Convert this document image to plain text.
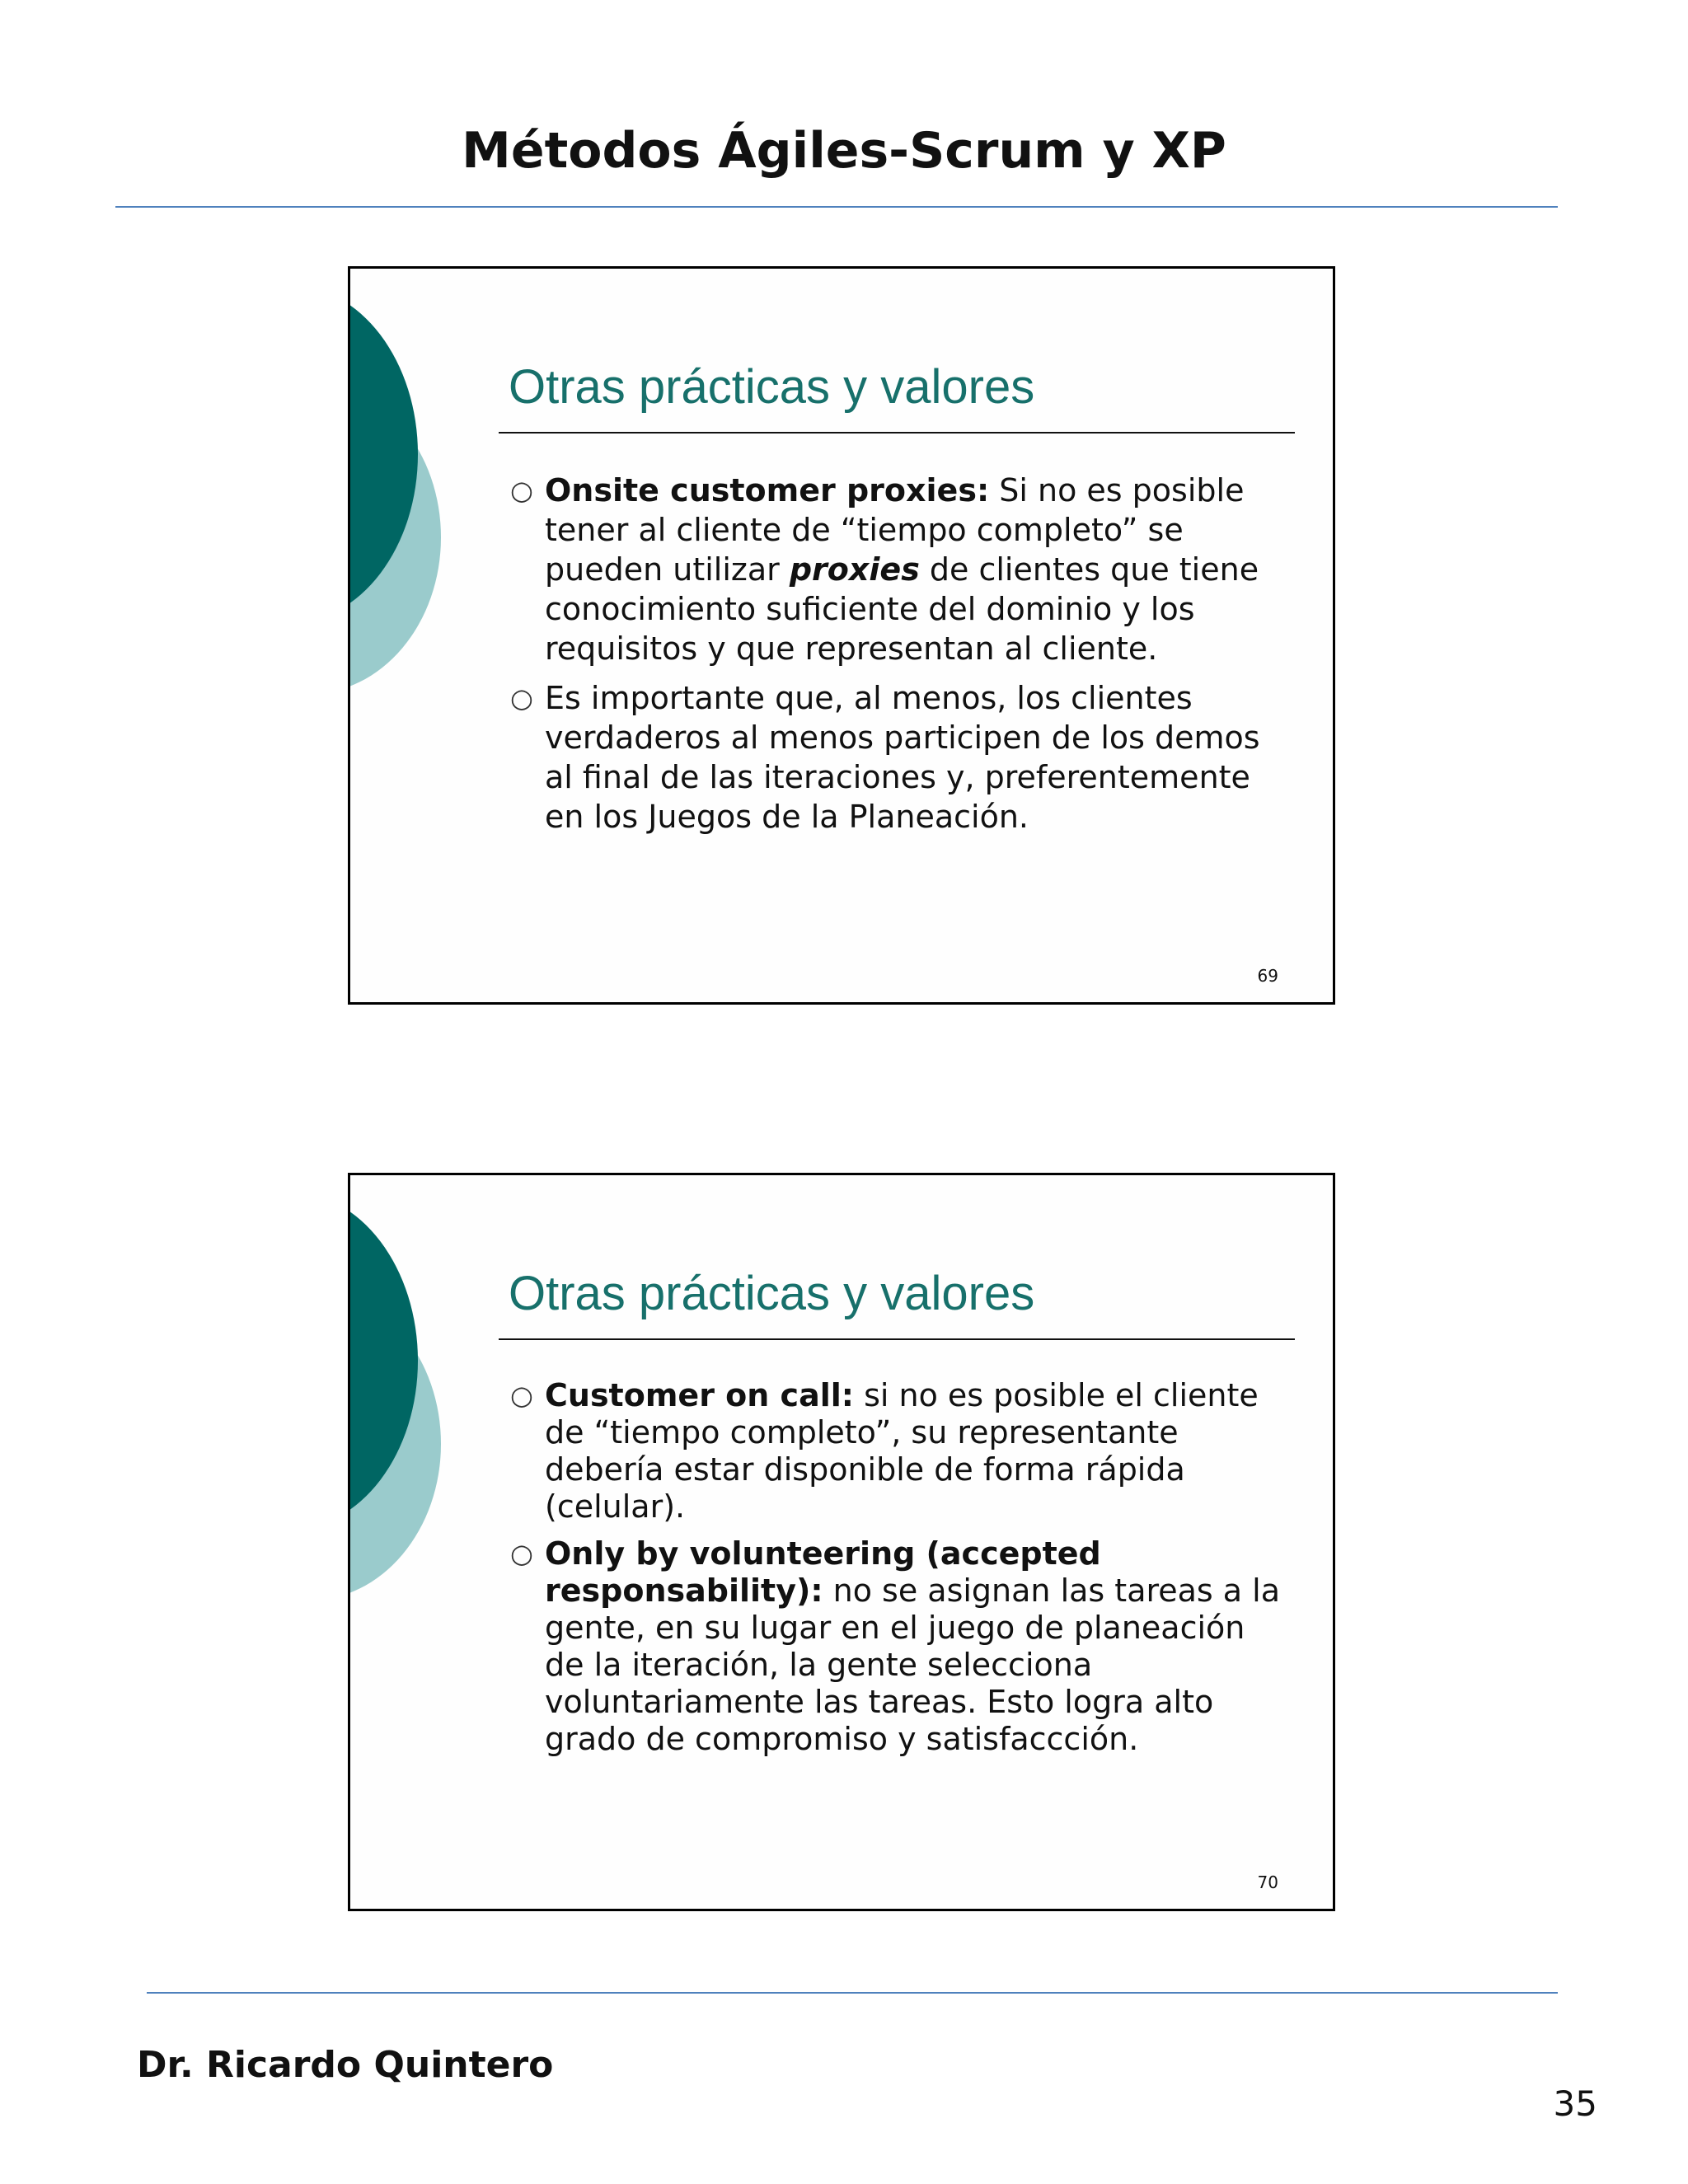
Métodos Ágiles-Scrum y XP
Otras prácticas y valores
○ Onsite customer proxies: Si no es posible tener al cliente de “tiempo completo” se pueden utilizar proxies de clientes que tiene conocimiento suficiente del dominio y los requisitos y que representan al cliente.
○ Es importante que, al menos, los clientes verdaderos al menos participen de los demos al final de las iteraciones y, preferentemente en los Juegos de la Planeación.
69
Otras prácticas y valores
○ Customer on call: si no es posible el cliente de “tiempo completo”, su representante debería estar disponible de forma rápida (celular).
○ Only by volunteering (accepted responsability): no se asignan las tareas a la gente, en su lugar en el juego de planeación de la iteración, la gente selecciona voluntariamente las tareas. Esto logra alto grado de compromiso y satisfaccción.
70
Dr. Ricardo Quintero
35
